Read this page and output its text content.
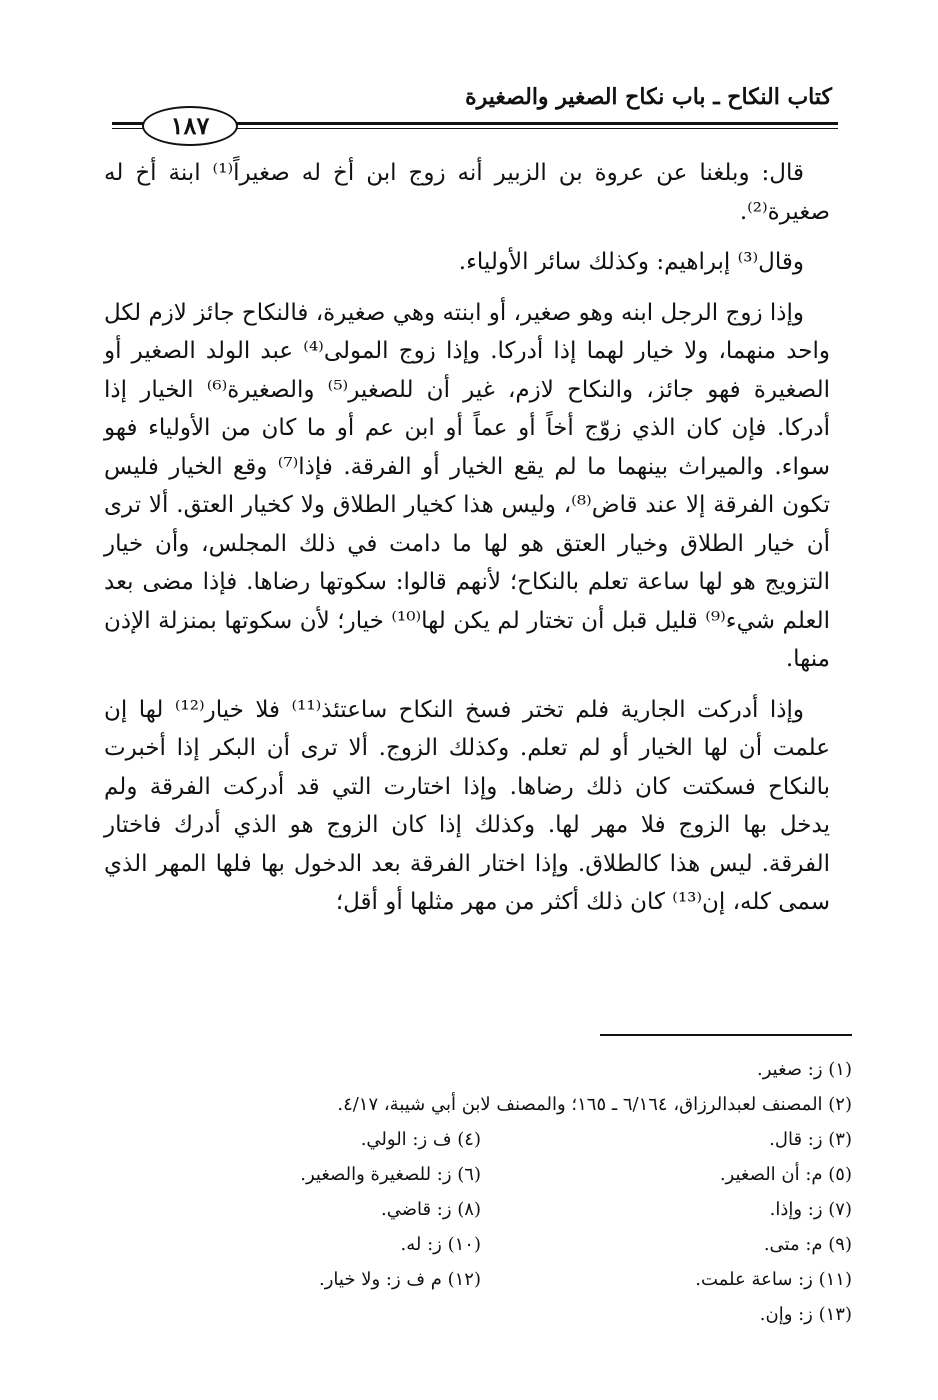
كتاب النكاح ـ باب نكاح الصغير والصغيرة
١٨٧

قال: وبلغنا عن عروة بن الزبير أنه زوج ابن أخ له صغيراً⁽¹⁾ ابنة أخ له صغيرة⁽²⁾.

وقال⁽³⁾ إبراهيم: وكذلك سائر الأولياء.

وإذا زوج الرجل ابنه وهو صغير، أو ابنته وهي صغيرة، فالنكاح جائز لازم لكل واحد منهما، ولا خيار لهما إذا أدركا. وإذا زوج المولى⁽⁴⁾ عبد الولد الصغير أو الصغيرة فهو جائز، والنكاح لازم، غير أن للصغير⁽⁵⁾ والصغيرة⁽⁶⁾ الخيار إذا أدركا. فإن كان الذي زوّج أخاً أو عماً أو ابن عم أو ما كان من الأولياء فهو سواء. والميراث بينهما ما لم يقع الخيار أو الفرقة. فإذا⁽⁷⁾ وقع الخيار فليس تكون الفرقة إلا عند قاض⁽⁸⁾، وليس هذا كخيار الطلاق ولا كخيار العتق. ألا ترى أن خيار الطلاق وخيار العتق هو لها ما دامت في ذلك المجلس، وأن خيار التزويج هو لها ساعة تعلم بالنكاح؛ لأنهم قالوا: سكوتها رضاها. فإذا مضى بعد العلم شيء⁽⁹⁾ قليل قبل أن تختار لم يكن لها⁽¹⁰⁾ خيار؛ لأن سكوتها بمنزلة الإذن منها.

وإذا أدركت الجارية فلم تختر فسخ النكاح ساعتئذ⁽¹¹⁾ فلا خيار⁽¹²⁾ لها إن علمت أن لها الخيار أو لم تعلم. وكذلك الزوج. ألا ترى أن البكر إذا أخبرت بالنكاح فسكتت كان ذلك رضاها. وإذا اختارت التي قد أدركت الفرقة ولم يدخل بها الزوج فلا مهر لها. وكذلك إذا كان الزوج هو الذي أدرك فاختار الفرقة. ليس هذا كالطلاق. وإذا اختار الفرقة بعد الدخول بها فلها المهر الذي سمى كله، إن⁽¹³⁾ كان ذلك أكثر من مهر مثلها أو أقل؛

(١) ز: صغير.
(٢) المصنف لعبدالرزاق، ٦/١٦٤ ـ ١٦٥؛ والمصنف لابن أبي شيبة، ٤/١٧.
(٣) ز: قال.
(٤) ف ز: الولي.
(٥) م: أن الصغير.
(٦) ز: للصغيرة والصغير.
(٧) ز: وإذا.
(٨) ز: قاضي.
(٩) م: متى.
(١٠) ز: له.
(١١) ز: ساعة علمت.
(١٢) م ف ز: ولا خيار.
(١٣) ز: وإن.
